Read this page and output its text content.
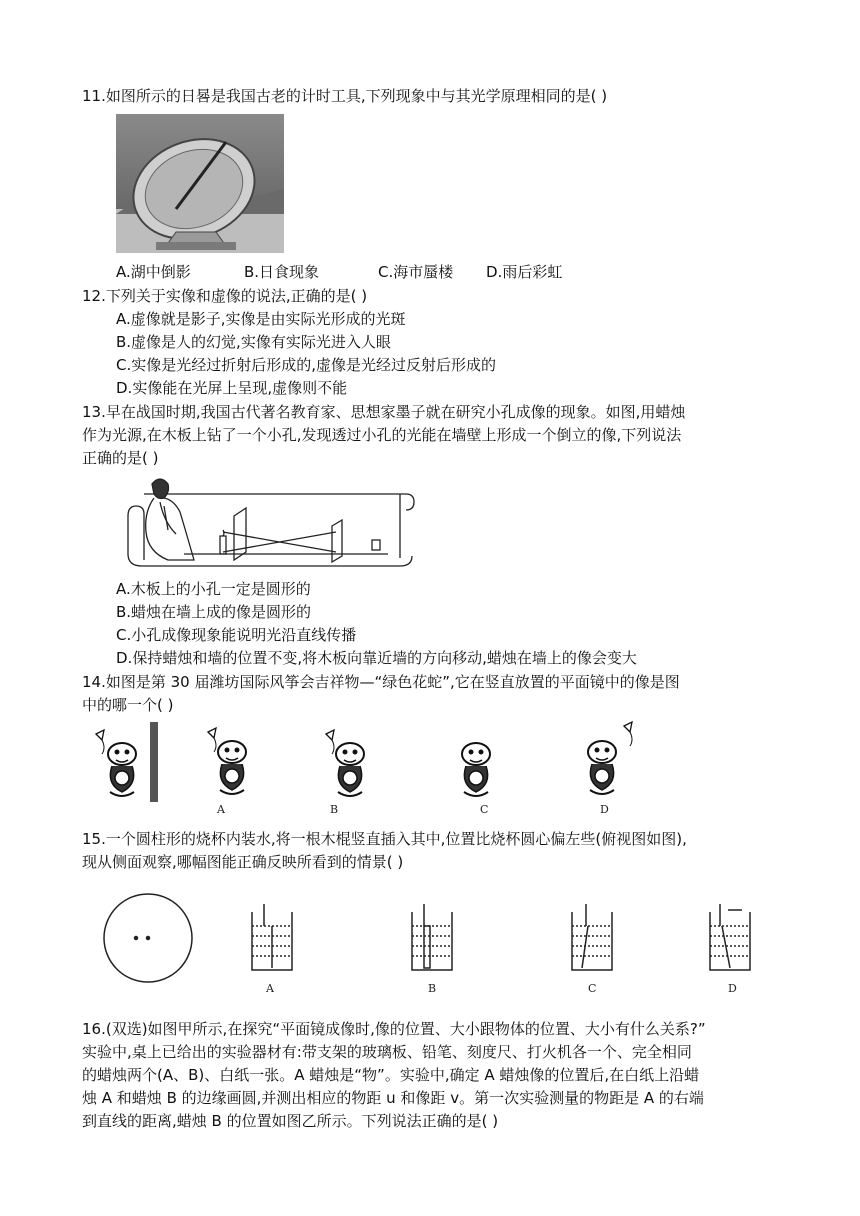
11.如图所示的日晷是我国古老的计时工具,下列现象中与其光学原理相同的是( )
A.湖中倒影	B.日食现象	C.海市蜃楼 D.雨后彩虹
12.下列关于实像和虚像的说法,正确的是( )
A.虚像就是影子,实像是由实际光形成的光斑
B.虚像是人的幻觉,实像有实际光进入人眼
C.实像是光经过折射后形成的,虚像是光经过反射后形成的
D.实像能在光屏上呈现,虚像则不能
13.早在战国时期,我国古代著名教育家、思想家墨子就在研究小孔成像的现象。如图,用蜡烛
作为光源,在木板上钻了一个小孔,发现透过小孔的光能在墙壁上形成一个倒立的像,下列说法
正确的是( )
A.木板上的小孔一定是圆形的
B.蜡烛在墙上成的像是圆形的
C.小孔成像现象能说明光沿直线传播
D.保持蜡烛和墙的位置不变,将木板向靠近墙的方向移动,蜡烛在墙上的像会变大
14.如图是第 30 届潍坊国际风筝会吉祥物—“绿色花蛇”,它在竖直放置的平面镜中的像是图
中的哪一个( )
A	B	C	D
15.一个圆柱形的烧杯内装水,将一根木棍竖直插入其中,位置比烧杯圆心偏左些(俯视图如图),
现从侧面观察,哪幅图能正确反映所看到的情景( )
A	B	C	D
16.(双选)如图甲所示,在探究“平面镜成像时,像的位置、大小跟物体的位置、大小有什么关系?”
实验中,桌上已给出的实验器材有:带支架的玻璃板、铅笔、刻度尺、打火机各一个、完全相同
的蜡烛两个(A、B)、白纸一张。A 蜡烛是“物”。实验中,确定 A 蜡烛像的位置后,在白纸上沿蜡
烛 A 和蜡烛 B 的边缘画圆,并测出相应的物距 u 和像距 v。第一次实验测量的物距是 A 的右端
到直线的距离,蜡烛 B 的位置如图乙所示。下列说法正确的是( )
